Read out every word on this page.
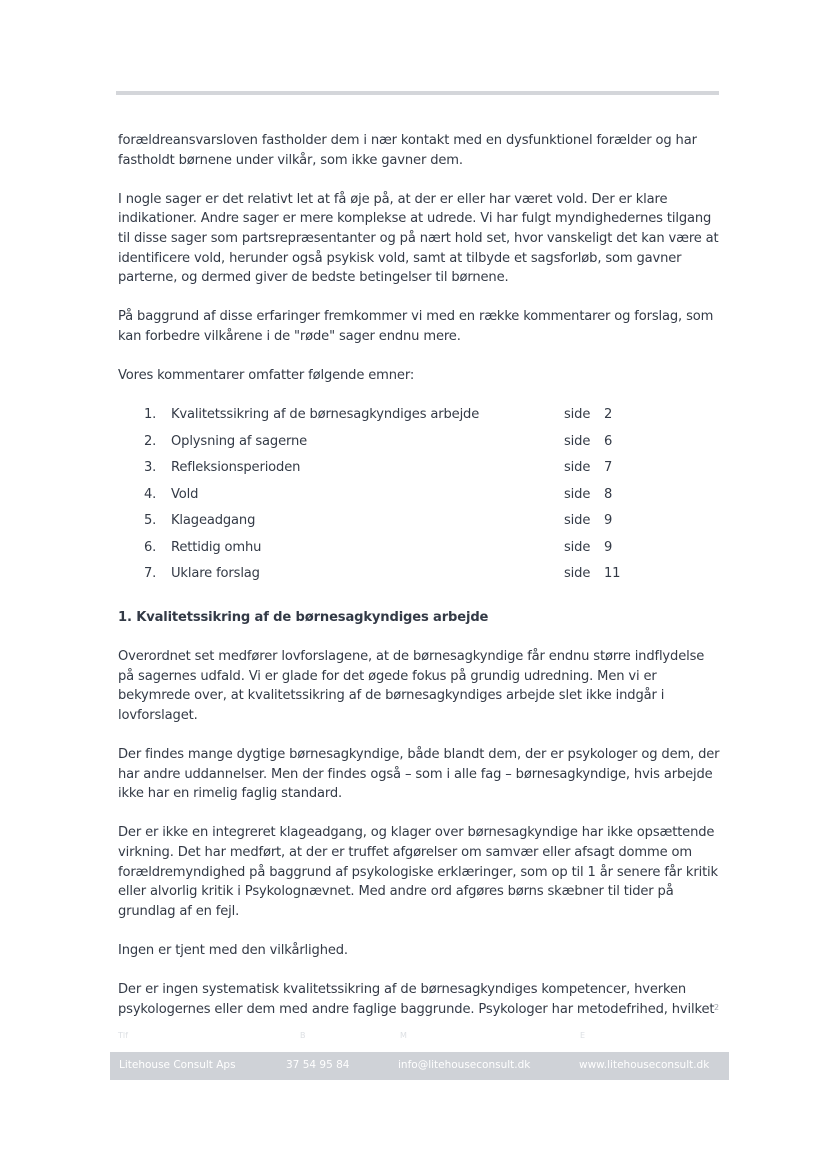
forældreansvarsloven fastholder dem i nær kontakt med en dysfunktionel forælder og har fastholdt børnene under vilkår, som ikke gavner dem.

I nogle sager er det relativt let at få øje på, at der er eller har været vold. Der er klare indikationer. Andre sager er mere komplekse at udrede. Vi har fulgt myndighedernes tilgang til disse sager som partsrepræsentanter og på nært hold set, hvor vanskeligt det kan være at identificere vold, herunder også psykisk vold, samt at tilbyde et sagsforløb, som gavner parterne, og dermed giver de bedste betingelser til børnene.

På baggrund af disse erfaringer fremkommer vi med en række kommentarer og forslag, som kan forbedre vilkårene i de "røde" sager endnu mere.

Vores kommentarer omfatter følgende emner:

1. Kvalitetssikring af de børnesagkyndiges arbejde	side 2
2. Oplysning af sagerne	side 6
3. Refleksionsperioden	side 7
4. Vold	side 8
5. Klageadgang	side 9
6. Rettidig omhu	side 9
7. Uklare forslag	side 11

1. Kvalitetssikring af de børnesagkyndiges arbejde

Overordnet set medfører lovforslagene, at de børnesagkyndige får endnu større indflydelse på sagernes udfald. Vi er glade for det øgede fokus på grundig udredning. Men vi er bekymrede over, at kvalitetssikring af de børnesagkyndiges arbejde slet ikke indgår i lovforslaget.

Der findes mange dygtige børnesagkyndige, både blandt dem, der er psykologer og dem, der har andre uddannelser. Men der findes også – som i alle fag – børnesagkyndige, hvis arbejde ikke har en rimelig faglig standard.

Der er ikke en integreret klageadgang, og klager over børnesagkyndige har ikke opsættende virkning. Det har medført, at der er truffet afgørelser om samvær eller afsagt domme om forældremyndighed på baggrund af psykologiske erklæringer, som op til 1 år senere får kritik eller alvorlig kritik i Psykolognævnet. Med andre ord afgøres børns skæbner til tider på grundlag af en fejl.

Ingen er tjent med den vilkårlighed.

Der er ingen systematisk kvalitetssikring af de børnesagkyndiges kompetencer, hverken psykologernes eller dem med andre faglige baggrunde. Psykologer har metodefrihed, hvilket 2
Tlf	B	M	E
Litehouse Consult Aps	37 54 95 84	info@litehouseconsult.dk	www.litehouseconsult.dk
